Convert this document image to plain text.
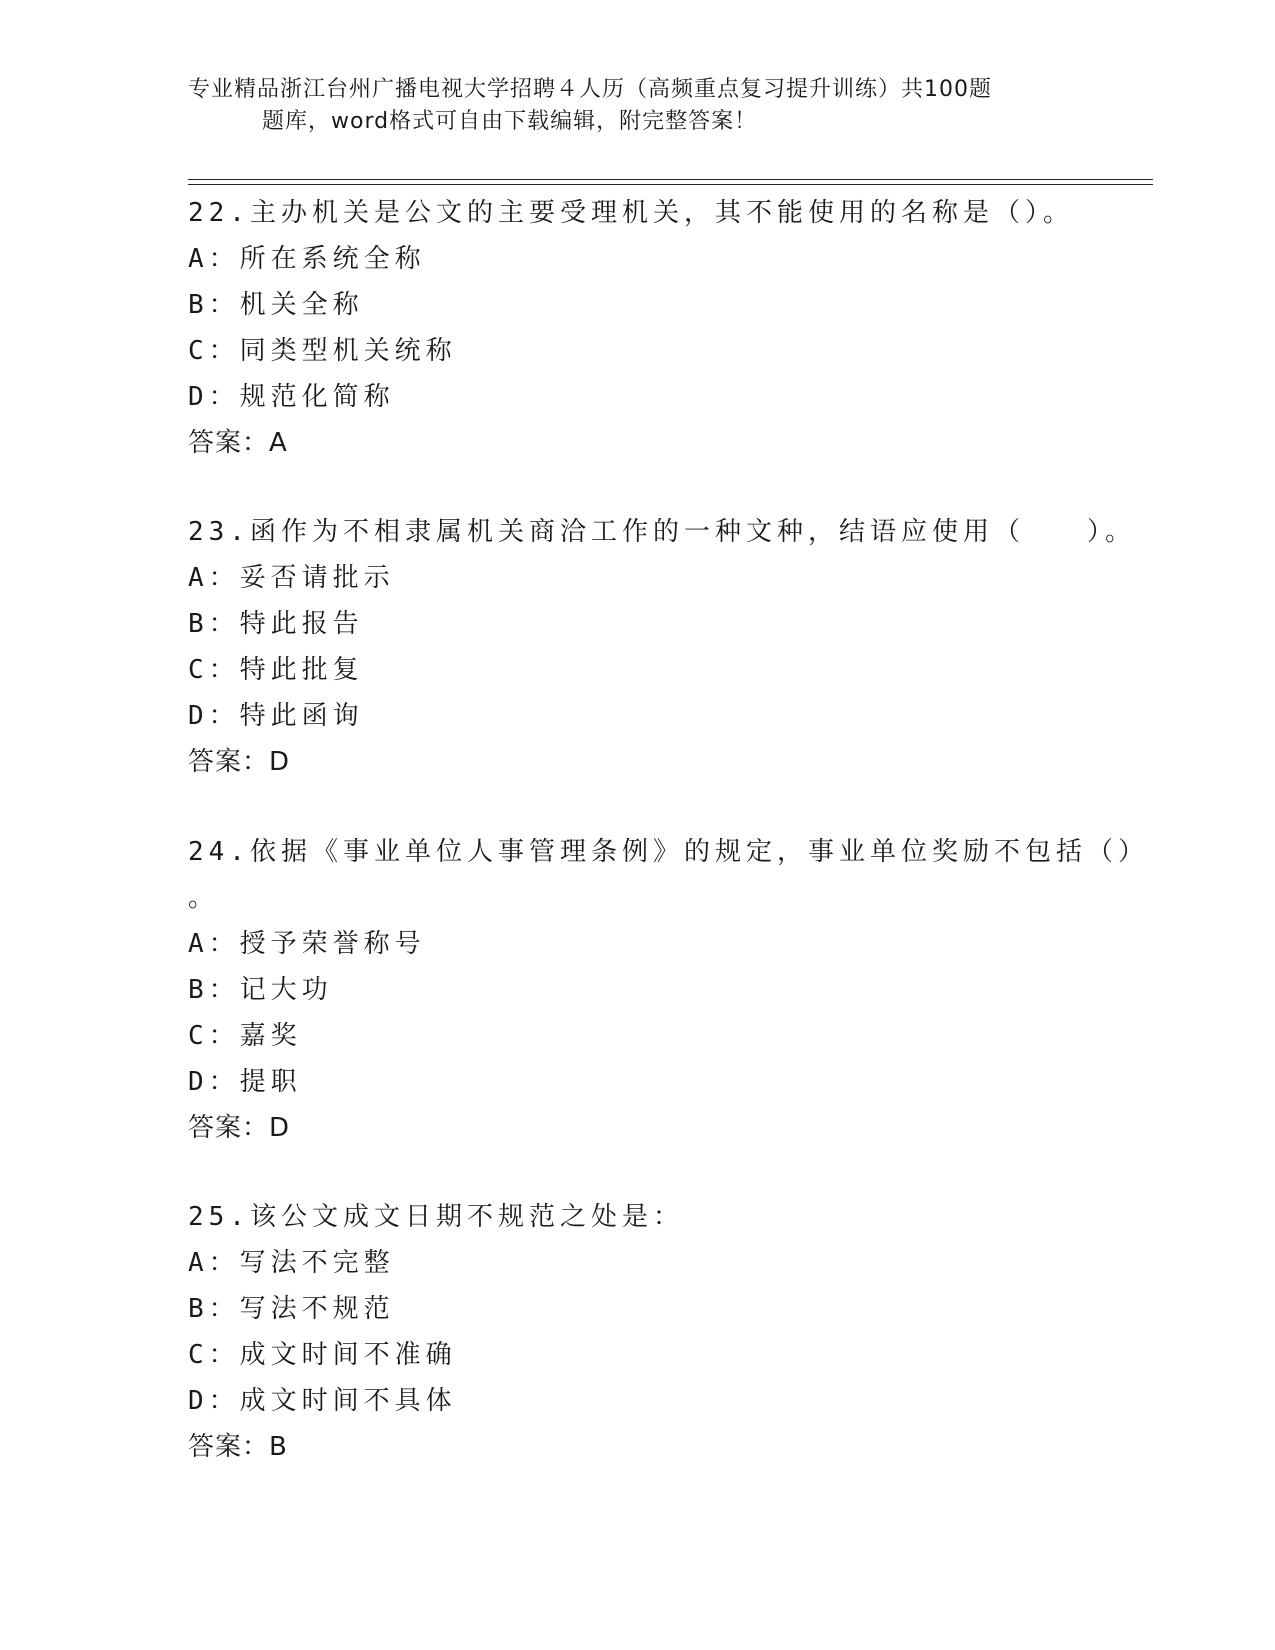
专业精品浙江台州广播电视大学招聘４人历（高频重点复习提升训练）共100题
题库，word格式可自由下载编辑，附完整答案！
22.主办机关是公文的主要受理机关，其不能使用的名称是（）。
A：所在系统全称
B：机关全称
C：同类型机关统称
D：规范化简称
答案：A
23.函作为不相隶属机关商洽工作的一种文种，结语应使用（　　）。
A：妥否请批示
B：特此报告
C：特此批复
D：特此函询
答案：D
24.依据《事业单位人事管理条例》的规定，事业单位奖励不包括（）
。
A：授予荣誉称号
B：记大功
C：嘉奖
D：提职
答案：D
25.该公文成文日期不规范之处是：
A：写法不完整
B：写法不规范
C：成文时间不准确
D：成文时间不具体
答案：B
